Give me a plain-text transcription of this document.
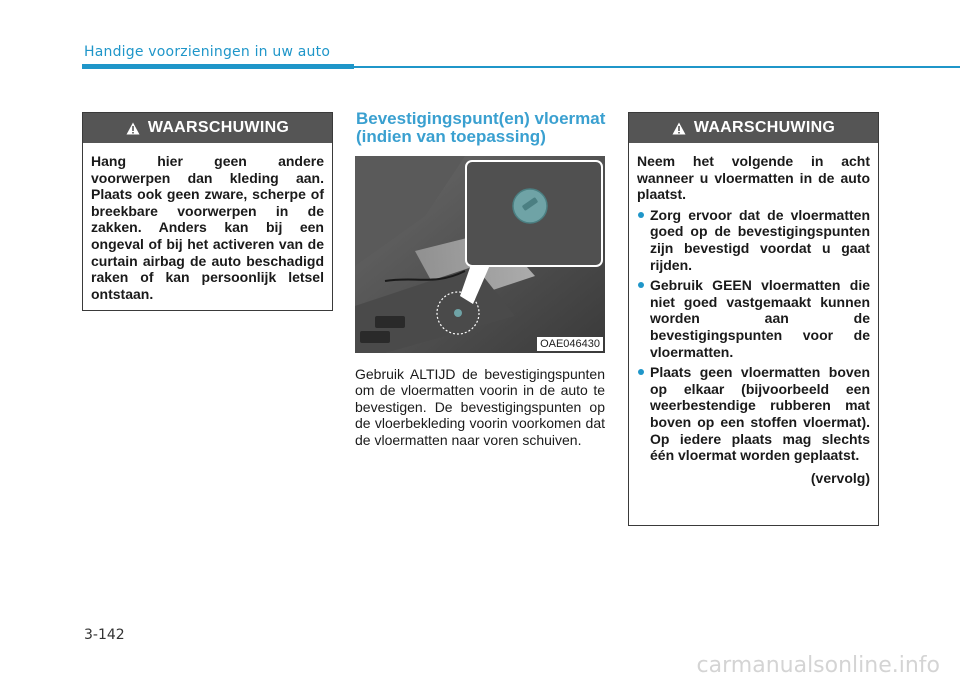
Handige voorzieningen in uw auto
WAARSCHUWING

Hang hier geen andere voorwerpen dan kleding aan. Plaats ook geen zware, scherpe of breekbare voorwerpen in de zakken. Anders kan bij een ongeval of bij het activeren van de curtain airbag de auto beschadigd raken of kan persoonlijk letsel ontstaan.

Bevestigingspunt(en) vloermat (indien van toepassing)
OAE046430
Gebruik ALTIJD de bevestigingspunten om de vloermatten voorin in de auto te bevestigen. De bevestigingspunten op de vloerbekleding voorin voorkomen dat de vloermatten naar voren schuiven.
WAARSCHUWING

Neem het volgende in acht wanneer u vloermatten in de auto plaatst.

Zorg ervoor dat de vloermatten goed op de bevestigingspunten zijn bevestigd voordat u gaat rijden.
Gebruik GEEN vloermatten die niet goed vastgemaakt kunnen worden aan de bevestigingspunten voor de vloermatten.
Plaats geen vloermatten boven op elkaar (bijvoorbeeld een weerbestendige rubberen mat boven op een stoffen vloermat). Op iedere plaats mag slechts één vloermat worden geplaatst.
(vervolg)
3-142
carmanualsonline.info
